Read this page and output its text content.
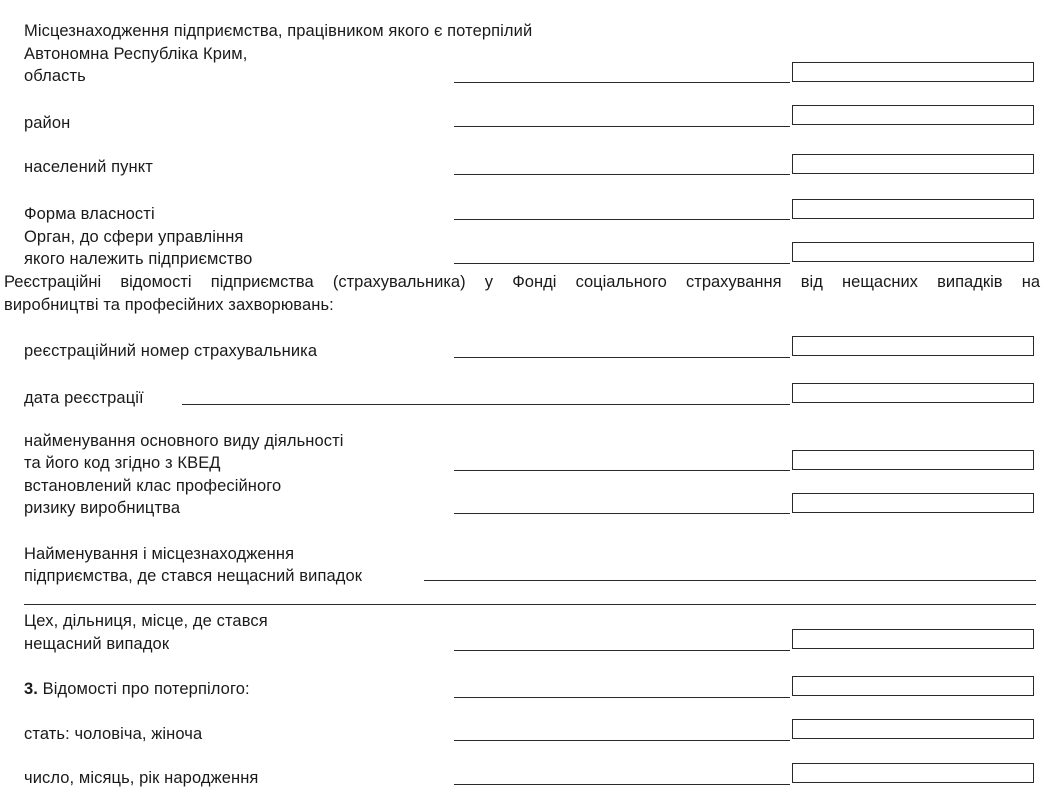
Місцезнаходження підприємства, працівником якого є потерпілий
Автономна Республіка Крим,
область
район
населений пункт
Форма власності
Орган, до сфери управління
якого належить підприємство
Реєстраційні відомості підприємства (страхувальника) у Фонді соціального страхування від нещасних випадків на
виробництві та професійних захворювань:
реєстраційний номер страхувальника
дата реєстрації
найменування основного виду діяльності
та його код згідно з КВЕД
встановлений клас професійного
ризику виробництва
Найменування і місцезнаходження
підприємства, де стався нещасний випадок
Цех, дільниця, місце, де стався
нещасний випадок
3. Відомості про потерпілого:
стать: чоловіча, жіноча
число, місяць, рік народження
